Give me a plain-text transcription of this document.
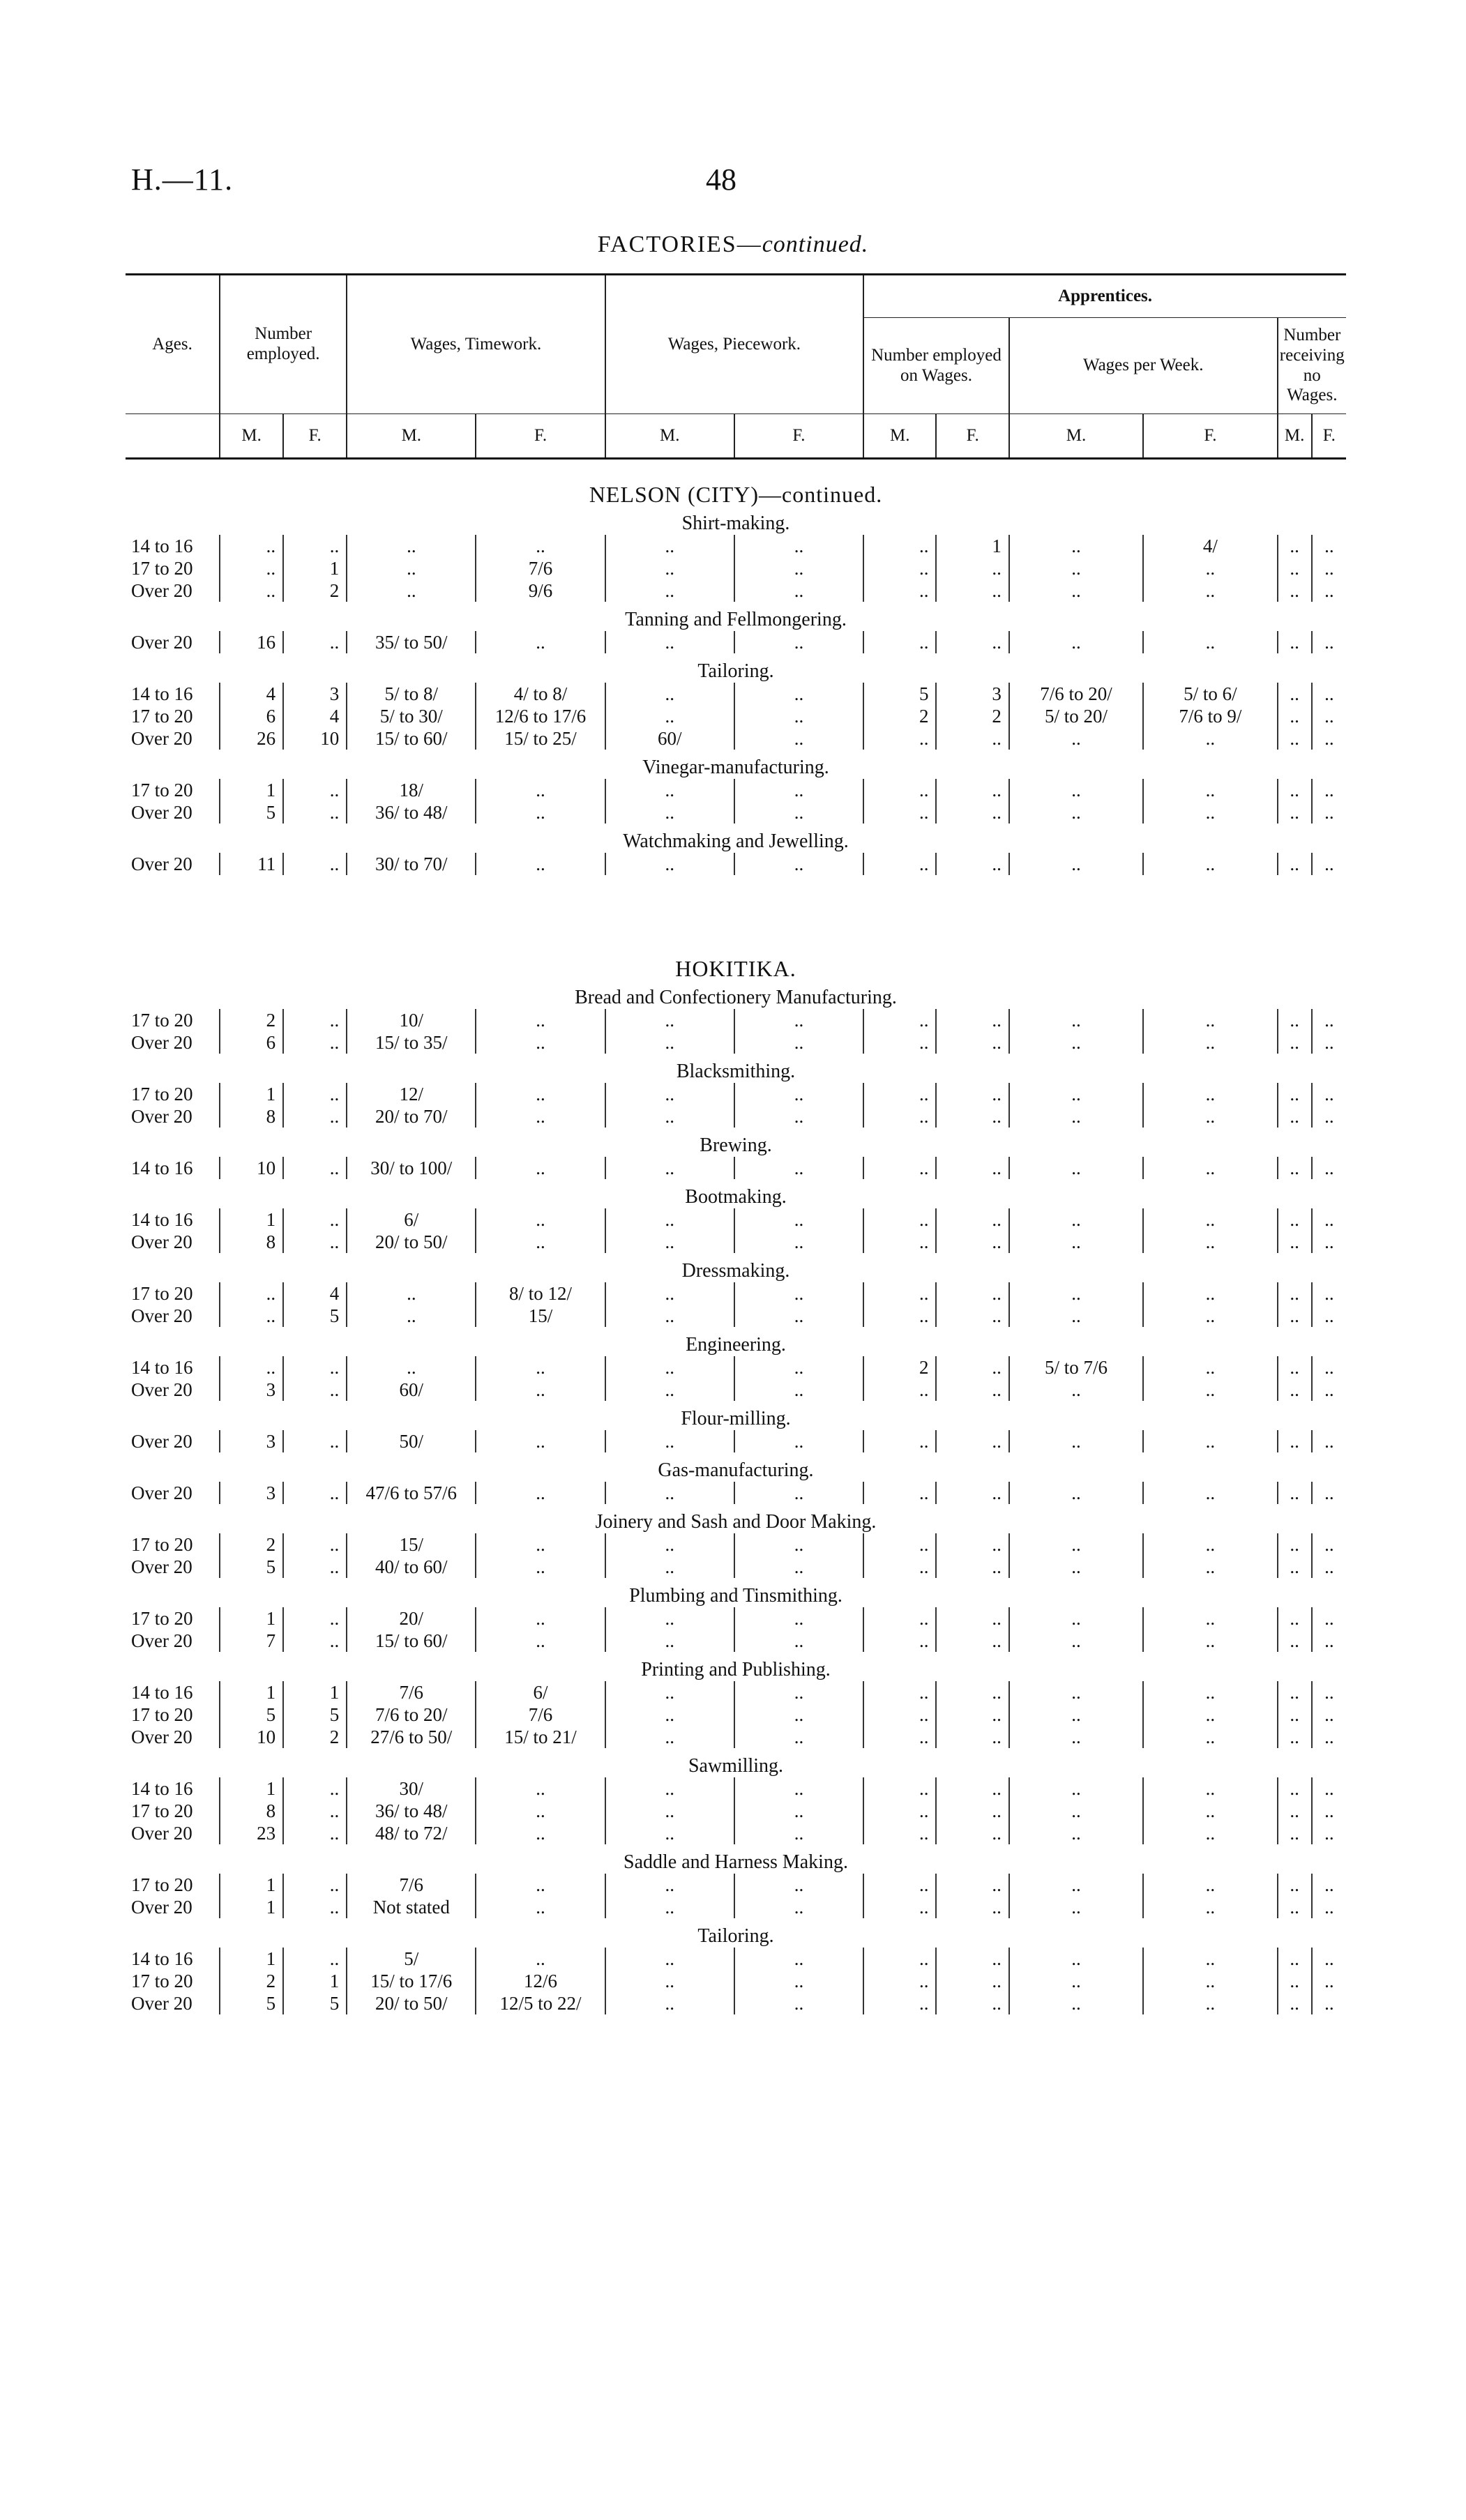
H.—11.	48
FACTORIES—continued.
Ages.	Number employed.		Wages, Timework.		Wages, Piecework.		Apprentices.					
							Number employed on Wages.		Wages per Week.		Number receiving no Wages.	
	M.	F.	M.	F.	M.	F.	M.	F.	M.	F.	M.	F.
NELSON (CITY)—continued.												
Shirt-making.												
14 to 16	..	..	..	..	..	..	..	1	..	4/	..	..
17 to 20	..	1	..	7/6	..	..	..	..	..	..	..	..
Over 20	..	2	..	9/6	..	..	..	..	..	..	..	..
Tanning and Fellmongering.												
Over 20	16	..	35/ to 50/	..	..	..	..	..	..	..	..	..
Tailoring.												
14 to 16	4	3	5/ to 8/	4/ to 8/	..	..	5	3	7/6 to 20/	5/ to 6/	..	..
17 to 20	6	4	5/ to 30/	12/6 to 17/6	..	..	2	2	5/ to 20/	7/6 to 9/	..	..
Over 20	26	10	15/ to 60/	15/ to 25/	60/	..	..	..	..	..	..	..
Vinegar-manufacturing.												
17 to 20	1	..	18/	..	..	..	..	..	..	..	..	..
Over 20	5	..	36/ to 48/	..	..	..	..	..	..	..	..	..
Watchmaking and Jewelling.												
Over 20	11	..	30/ to 70/	..	..	..	..	..	..	..	..	..

HOKITIKA.												
Bread and Confectionery Manufacturing.												
17 to 20	2	..	10/	..	..	..	..	..	..	..	..	..
Over 20	6	..	15/ to 35/	..	..	..	..	..	..	..	..	..
Blacksmithing.												
17 to 20	1	..	12/	..	..	..	..	..	..	..	..	..
Over 20	8	..	20/ to 70/	..	..	..	..	..	..	..	..	..
Brewing.												
14 to 16	10	..	30/ to 100/	..	..	..	..	..	..	..	..	..
Bootmaking.												
14 to 16	1	..	6/	..	..	..	..	..	..	..	..	..
Over 20	8	..	20/ to 50/	..	..	..	..	..	..	..	..	..
Dressmaking.												
17 to 20	..	4	..	8/ to 12/	..	..	..	..	..	..	..	..
Over 20	..	5	..	15/	..	..	..	..	..	..	..	..
Engineering.												
14 to 16	..	..	..	..	..	..	2	..	5/ to 7/6	..	..	..
Over 20	3	..	60/	..	..	..	..	..	..	..	..	..
Flour-milling.												
Over 20	3	..	50/	..	..	..	..	..	..	..	..	..
Gas-manufacturing.												
Over 20	3	..	47/6 to 57/6	..	..	..	..	..	..	..	..	..
Joinery and Sash and Door Making.												
17 to 20	2	..	15/	..	..	..	..	..	..	..	..	..
Over 20	5	..	40/ to 60/	..	..	..	..	..	..	..	..	..
Plumbing and Tinsmithing.												
17 to 20	1	..	20/	..	..	..	..	..	..	..	..	..
Over 20	7	..	15/ to 60/	..	..	..	..	..	..	..	..	..
Printing and Publishing.												
14 to 16	1	1	7/6	6/	..	..	..	..	..	..	..	..
17 to 20	5	5	7/6 to 20/	7/6	..	..	..	..	..	..	..	..
Over 20	10	2	27/6 to 50/	15/ to 21/	..	..	..	..	..	..	..	..
Sawmilling.												
14 to 16	1	..	30/	..	..	..	..	..	..	..	..	..
17 to 20	8	..	36/ to 48/	..	..	..	..	..	..	..	..	..
Over 20	23	..	48/ to 72/	..	..	..	..	..	..	..	..	..
Saddle and Harness Making.												
17 to 20	1	..	7/6	..	..	..	..	..	..	..	..	..
Over 20	1	..	Not stated	..	..	..	..	..	..	..	..	..
Tailoring.												
14 to 16	1	..	5/	..	..	..	..	..	..	..	..	..
17 to 20	2	1	15/ to 17/6	12/6	..	..	..	..	..	..	..	..
Over 20	5	5	20/ to 50/	12/5 to 22/	..	..	..	..	..	..	..	..
